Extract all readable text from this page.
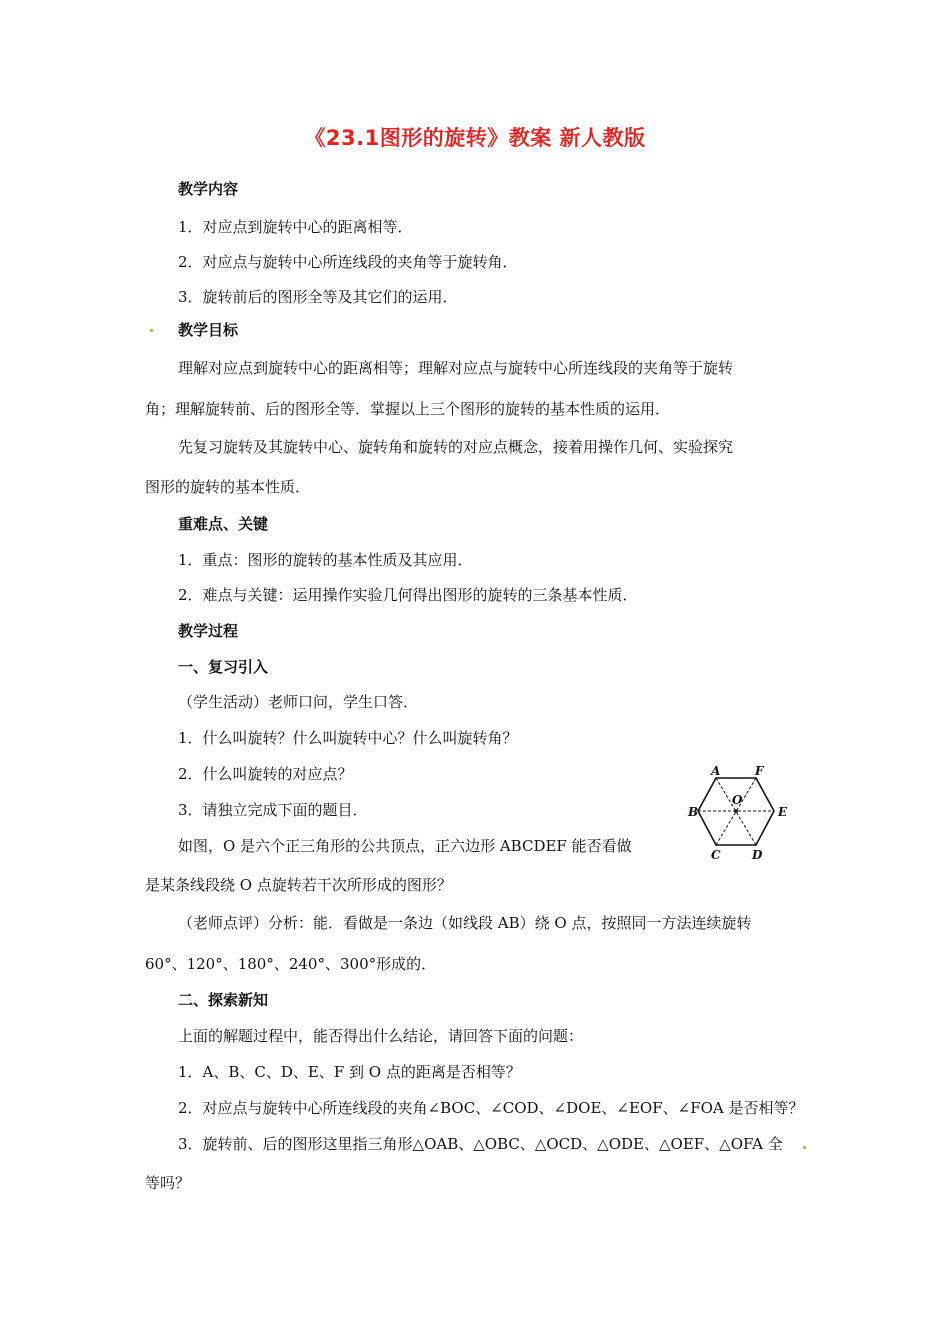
《23.1图形的旋转》教案 新人教版
教学内容
1．对应点到旋转中心的距离相等．
2．对应点与旋转中心所连线段的夹角等于旋转角．
3．旋转前后的图形全等及其它们的运用．
教学目标
理解对应点到旋转中心的距离相等；理解对应点与旋转中心所连线段的夹角等于旋转
角；理解旋转前、后的图形全等．掌握以上三个图形的旋转的基本性质的运用．
先复习旋转及其旋转中心、旋转角和旋转的对应点概念，接着用操作几何、实验探究
图形的旋转的基本性质．
重难点、关键
1．重点：图形的旋转的基本性质及其应用．
2．难点与关键：运用操作实验几何得出图形的旋转的三条基本性质．
教学过程
一、复习引入
（学生活动）老师口问，学生口答．
1．什么叫旋转？什么叫旋转中心？什么叫旋转角？
2．什么叫旋转的对应点？
3．请独立完成下面的题目．
如图，O 是六个正三角形的公共顶点，正六边形 ABCDEF 能否看做
是某条线段绕 O 点旋转若干次所形成的图形？
（老师点评）分析：能．看做是一条边（如线段 AB）绕 O 点，按照同一方法连续旋转
60°、120°、180°、240°、300°形成的．
A	F
B	E
C	D
O
二、探索新知
上面的解题过程中，能否得出什么结论，请回答下面的问题：
1．A、B、C、D、E、F 到 O 点的距离是否相等？
2．对应点与旋转中心所连线段的夹角∠BOC、∠COD、∠DOE、∠EOF、∠FOA 是否相等？
3．旋转前、后的图形这里指三角形△OAB、△OBC、△OCD、△ODE、△OEF、△OFA 全
等吗？
